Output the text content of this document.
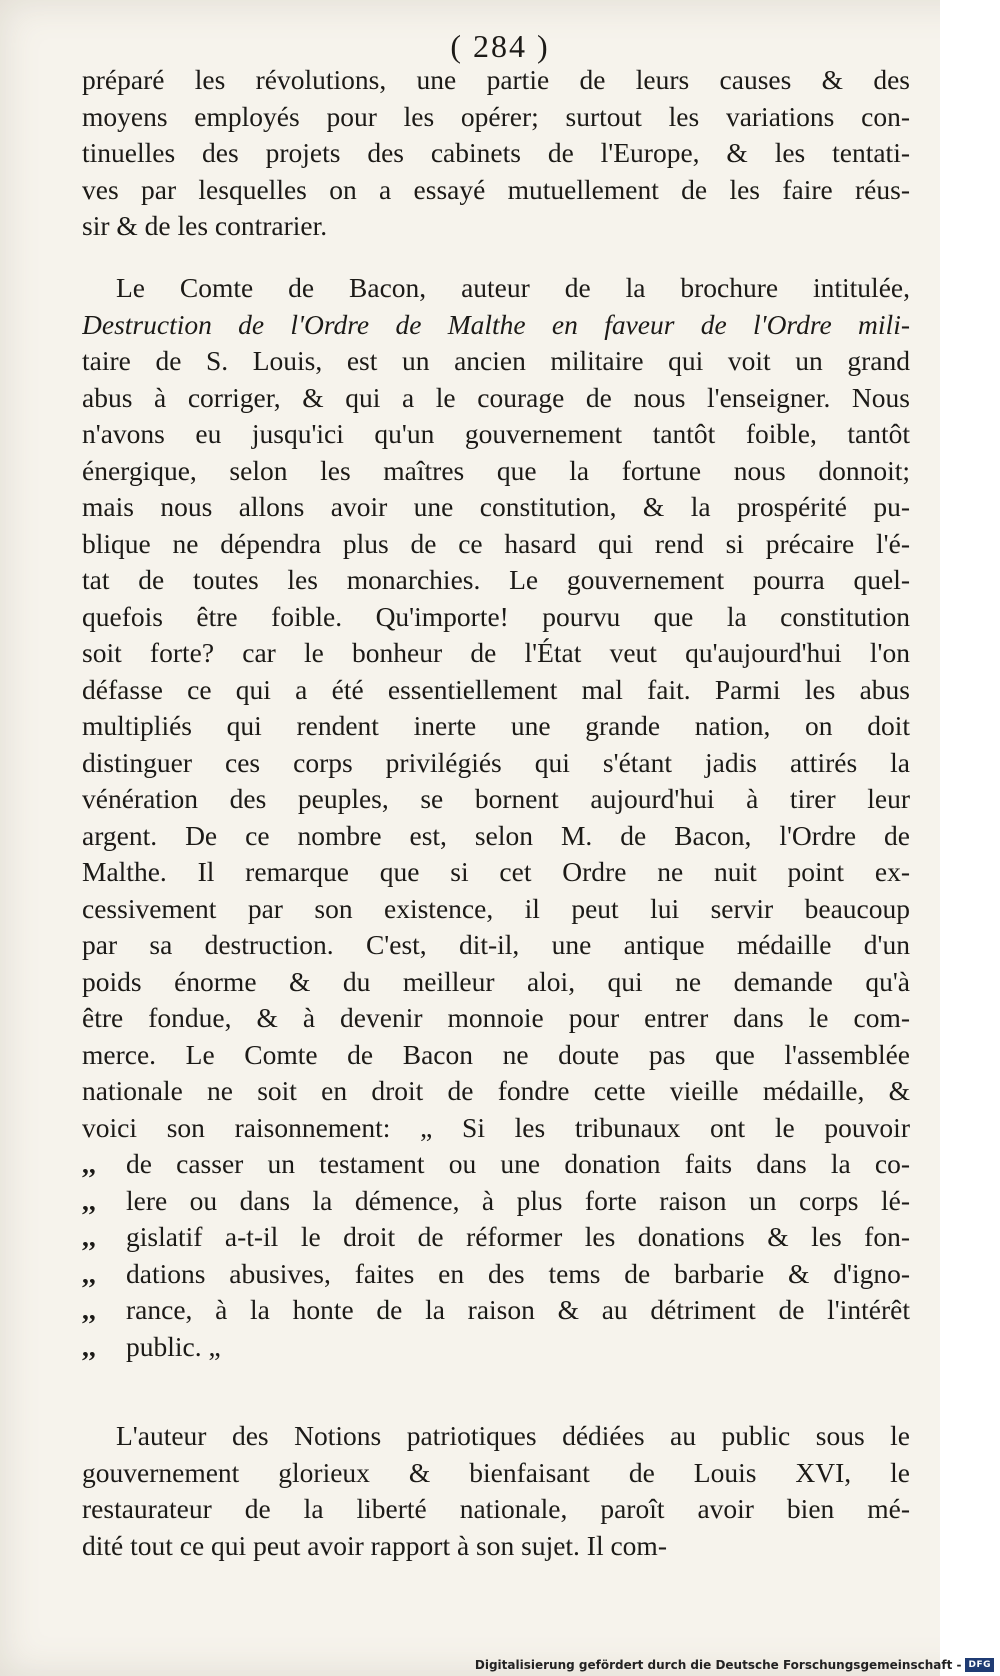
( 284 )
préparé les révolutions, une partie de leurs causes & des
moyens employés pour les opérer; surtout les variations con-
tinuelles des projets des cabinets de l'Europe, & les tentati-
ves par lesquelles on a essayé mutuellement de les faire réus-
sir & de les contrarier.
Le Comte de Bacon, auteur de la brochure intitulée,
Destruction de l'Ordre de Malthe en faveur de l'Ordre mili-
taire de S. Louis, est un ancien militaire qui voit un grand
abus à corriger, & qui a le courage de nous l'enseigner. Nous
n'avons eu jusqu'ici qu'un gouvernement tantôt foible, tantôt
énergique, selon les maîtres que la fortune nous donnoit;
mais nous allons avoir une constitution, & la prospérité pu-
blique ne dépendra plus de ce hasard qui rend si précaire l'é-
tat de toutes les monarchies. Le gouvernement pourra quel-
quefois être foible. Qu'importe! pourvu que la constitution
soit forte? car le bonheur de l'État veut qu'aujourd'hui l'on
défasse ce qui a été essentiellement mal fait. Parmi les abus
multipliés qui rendent inerte une grande nation, on doit
distinguer ces corps privilégiés qui s'étant jadis attirés la
vénération des peuples, se bornent aujourd'hui à tirer leur
argent. De ce nombre est, selon M. de Bacon, l'Ordre de
Malthe. Il remarque que si cet Ordre ne nuit point ex-
cessivement par son existence, il peut lui servir beaucoup
par sa destruction. C'est, dit-il, une antique médaille d'un
poids énorme & du meilleur aloi, qui ne demande qu'à
être fondue, & à devenir monnoie pour entrer dans le com-
merce. Le Comte de Bacon ne doute pas que l'assemblée
nationale ne soit en droit de fondre cette vieille médaille, &
voici son raisonnement: „ Si les tribunaux ont le pouvoir
,, de casser un testament ou une donation faits dans la co-
,, lere ou dans la démence, à plus forte raison un corps lé-
,, gislatif a-t-il le droit de réformer les donations & les fon-
,, dations abusives, faites en des tems de barbarie & d'igno-
,, rance, à la honte de la raison & au détriment de l'intérêt
,, public. „
L'auteur des Notions patriotiques dédiées au public sous le
gouvernement glorieux & bienfaisant de Louis XVI, le
restaurateur de la liberté nationale, paroît avoir bien mé-
dité tout ce qui peut avoir rapport à son sujet. Il com-
Digitalisierung gefördert durch die Deutsche Forschungsgemeinschaft - DFG
